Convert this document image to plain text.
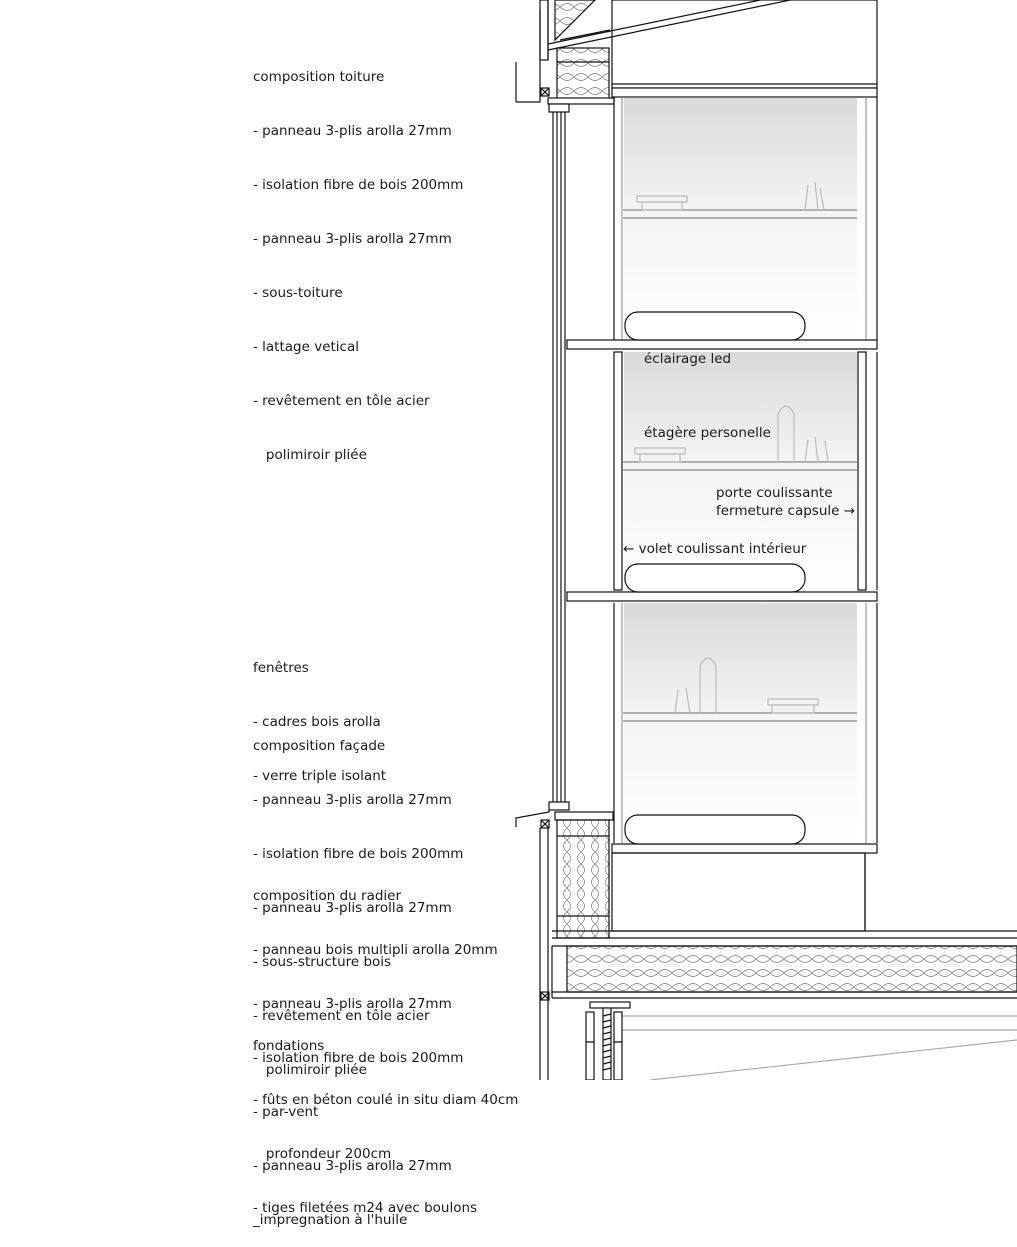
composition toiture

- panneau 3-plis arolla 27mm

- isolation fibre de bois 200mm

- panneau 3-plis arolla 27mm

- sous-toiture

- lattage vetical

- revêtement en tôle acier

polimiroir pliée

fenêtres

- cadres bois arolla

- verre triple isolant

composition façade

- panneau 3-plis arolla 27mm

- isolation fibre de bois 200mm

- panneau 3-plis arolla 27mm

- sous-structure bois

- revêtement en tôle acier

polimiroir pliée

composition du radier

- panneau bois multipli arolla 20mm

- panneau 3-plis arolla 27mm

- isolation fibre de bois 200mm

- par-vent

- panneau 3-plis arolla 27mm

_impregnation à l'huile

fondations

- fûts en béton coulé in situ diam 40cm

profondeur 200cm

- tiges filetées m24 avec boulons

éclairage led
étagère personelle
porte coulissante
fermeture capsule →
← volet coulissant intérieur
